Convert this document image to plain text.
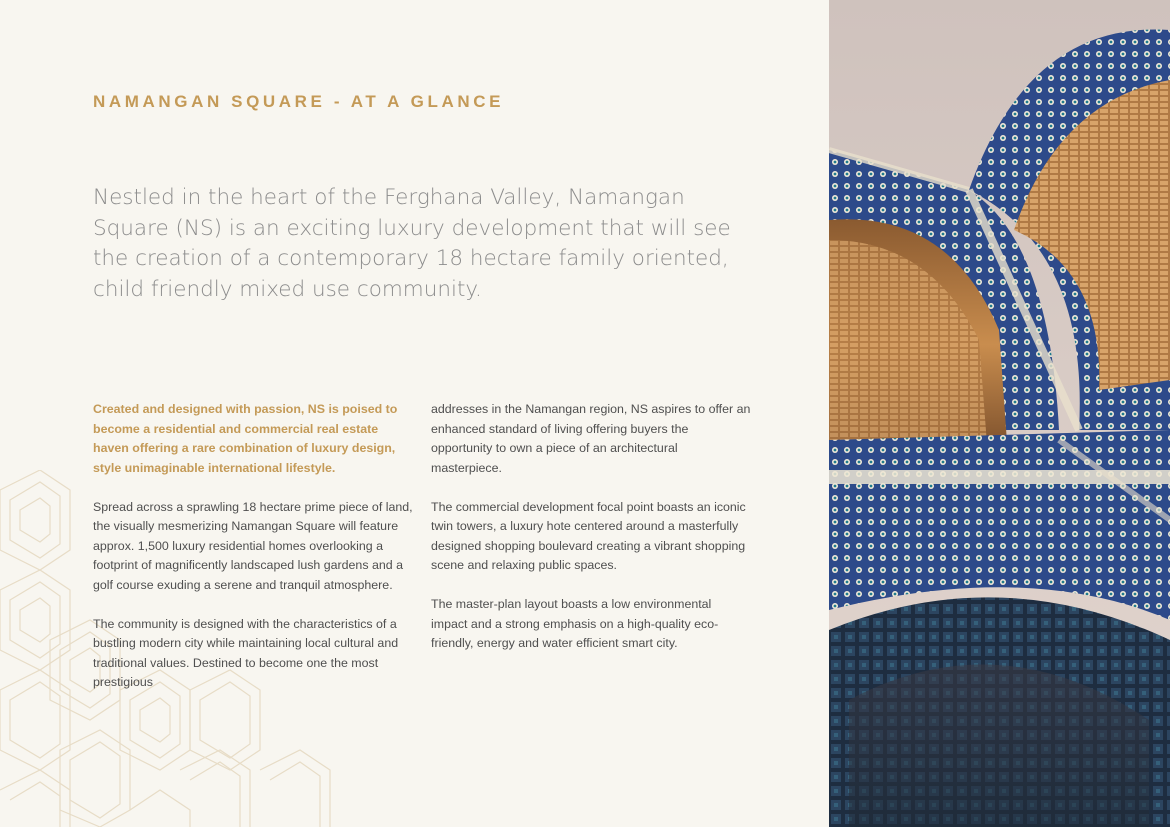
NAMANGAN SQUARE - AT A GLANCE

Nestled in the heart of the Ferghana Valley, Namangan Square (NS) is an exciting luxury development that will see the creation of a contemporary 18 hectare family oriented, child friendly mixed use community.

Created and designed with passion, NS is poised to become a residential and commercial real estate haven offering a rare combination of luxury design, style unimaginable international lifestyle.

Spread across a sprawling 18 hectare prime piece of land, the visually mesmerizing Namangan Square will feature approx. 1,500 luxury residential homes overlooking a footprint of magnificently landscaped lush gardens and a golf course exuding a serene and tranquil atmosphere.

The community is designed with the characteristics of a bustling modern city while maintaining local cultural and traditional values. Destined to become one the most prestigious

addresses in the Namangan region, NS aspires to offer an enhanced standard of living offering buyers the opportunity to own a piece of an architectural masterpiece.

The commercial development focal point boasts an iconic twin towers, a luxury hote centered around a masterfully designed shopping boulevard creating a vibrant shopping scene and relaxing public spaces.

The master-plan layout boasts a low environmental impact and a strong emphasis on a high-quality eco-friendly, energy and water efficient smart city.
